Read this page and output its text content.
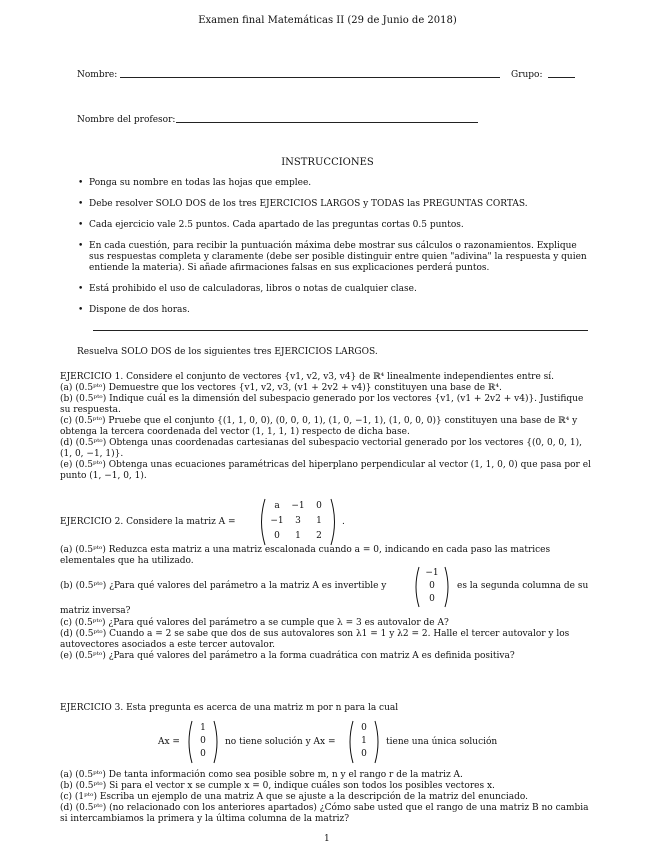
Examen final Matemáticas II (29 de Junio de 2018)
Nombre:	Grupo:
Nombre del profesor:
INSTRUCCIONES
• Ponga su nombre en todas las hojas que emplee.
• Debe resolver SOLO DOS de los tres EJERCICIOS LARGOS y TODAS las PREGUNTAS CORTAS.
• Cada ejercicio vale 2.5 puntos. Cada apartado de las preguntas cortas 0.5 puntos.
• En cada cuestión, para recibir la puntuación máxima debe mostrar sus cálculos o razonamientos. Explique sus respuestas completa y claramente (debe ser posible distinguir entre quien "adivina" la respuesta y quien entiende la materia). Si añade afirmaciones falsas en sus explicaciones perderá puntos.
• Está prohibido el uso de calculadoras, libros o notas de cualquier clase.
• Dispone de dos horas.
Resuelva SOLO DOS de los siguientes tres EJERCICIOS LARGOS.
EJERCICIO 1. Considere el conjunto de vectores {v1, v2, v3, v4} de ℝ⁴ linealmente independientes entre sí.
(a) (0.5ᵖᵗᵒ) Demuestre que los vectores {v1, v2, v3, (v1 + 2v2 + v4)} constituyen una base de ℝ⁴.
(b) (0.5ᵖᵗᵒ) Indique cuál es la dimensión del subespacio generado por los vectores {v1, (v1 + 2v2 + v4)}. Justifique su respuesta.
(c) (0.5ᵖᵗᵒ) Pruebe que el conjunto {(1, 1, 0, 0), (0, 0, 0, 1), (1, 0, −1, 1), (1, 0, 0, 0)} constituyen una base de ℝ⁴ y obtenga la tercera coordenada del vector (1, 1, 1, 1) respecto de dicha base.
(d) (0.5ᵖᵗᵒ) Obtenga unas coordenadas cartesianas del subespacio vectorial generado por los vectores {(0, 0, 0, 1), (1, 0, −1, 1)}.
(e) (0.5ᵖᵗᵒ) Obtenga unas ecuaciones paramétricas del hiperplano perpendicular al vector (1, 1, 0, 0) que pasa por el punto (1, −1, 0, 1).
EJERCICIO 2. Considere la matriz A =
a	−1	0
−1	3	1
0	1	2
.
(a) (0.5ᵖᵗᵒ) Reduzca esta matriz a una matriz escalonada cuando a = 0, indicando en cada paso las matrices elementales que ha utilizado.
(b) (0.5ᵖᵗᵒ) ¿Para qué valores del parámetro a la matriz A es invertible y
−1
0
0
es la segunda columna de su
matriz inversa?
(c) (0.5ᵖᵗᵒ) ¿Para qué valores del parámetro a se cumple que λ = 3 es autovalor de A?
(d) (0.5ᵖᵗᵒ) Cuando a = 2 se sabe que dos de sus autovalores son λ1 = 1 y λ2 = 2. Halle el tercer autovalor y los autovectores asociados a este tercer autovalor.
(e) (0.5ᵖᵗᵒ) ¿Para qué valores del parámetro a la forma cuadrática con matriz A es definida positiva?
EJERCICIO 3. Esta pregunta es acerca de una matriz m por n para la cual
Ax =
1
0
0
no tiene solución y Ax =
0
1
0
tiene una única solución
(a) (0.5ᵖᵗᵒ) De tanta información como sea posible sobre m, n y el rango r de la matriz A.
(b) (0.5ᵖᵗᵒ) Si para el vector x se cumple x = 0, indique cuáles son todos los posibles vectores x.
(c) (1ᵖᵗᵒ) Escriba un ejemplo de una matriz A que se ajuste a la descripción de la matriz del enunciado.
(d) (0.5ᵖᵗᵒ) (no relacionado con los anteriores apartados) ¿Cómo sabe usted que el rango de una matriz B no cambia si intercambiamos la primera y la última columna de la matriz?
1
